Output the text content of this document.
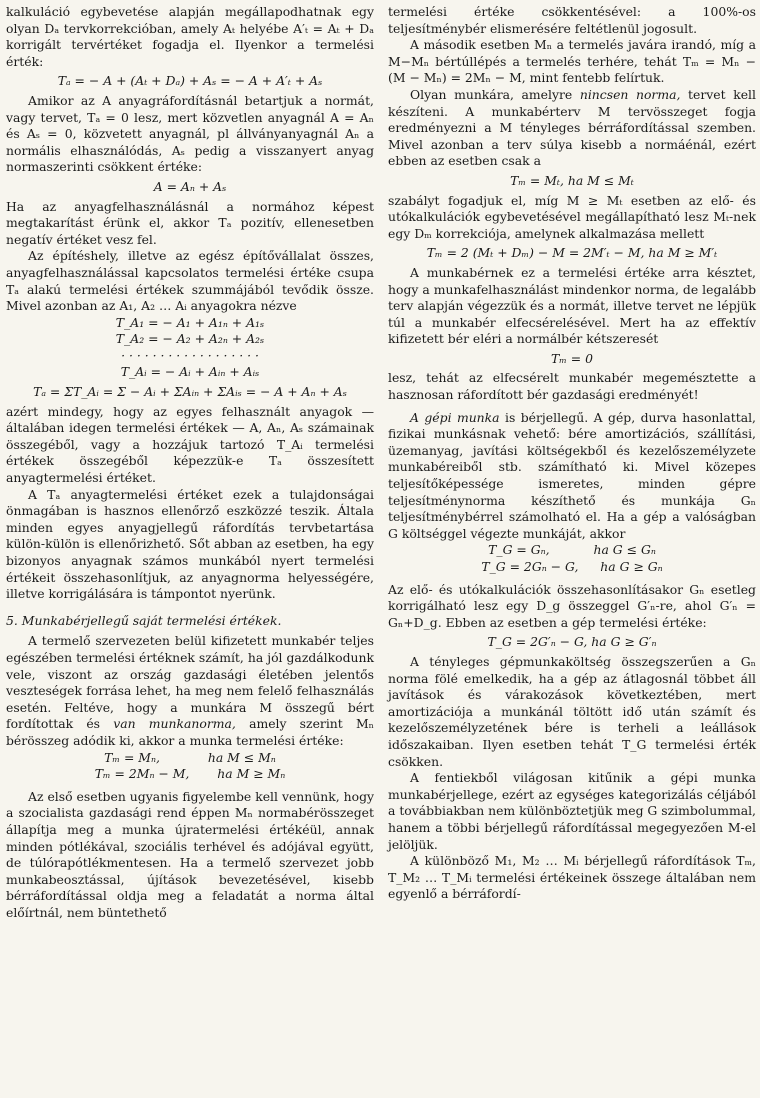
kalkuláció egybevetése alapján megállapodhatnak egy olyan Dₐ tervkorrekcióban, amely Aₜ helyébe A′ₜ = Aₜ + Dₐ korrigált tervértéket fogadja el. Ilyenkor a termelési érték:

Tₐ = − A + (Aₜ + Dₐ) + Aₛ = − A + A′ₜ + Aₛ

Amikor az A anyagráfordításnál betartjuk a normát, vagy tervet, Tₐ = 0 lesz, mert közvetlen anyagnál A = Aₙ és Aₛ = 0, közvetett anyagnál, pl állványanyagnál Aₙ a normális elhasználódás, Aₛ pedig a visszanyert anyag normaszerinti csökkent értéke:

A = Aₙ + Aₛ

Ha az anyagfelhasználásnál a normához képest megtakarítást érünk el, akkor Tₐ pozitív, ellenesetben negatív értéket vesz fel.

Az építéshely, illetve az egész építővállalat összes, anyagfelhasználással kapcsolatos termelési értéke csupa Tₐ alakú termelési értékek szummájából tevődik össze. Mivel azonban az A₁, A₂ … Aᵢ anyagokra nézve

T_A₁ = − A₁ + A₁ₙ + A₁ₛ
T_A₂ = − A₂ + A₂ₙ + A₂ₛ
· · · · · · · · · · · · · · · · · ·
T_Aᵢ = − Aᵢ + Aᵢₙ + Aᵢₛ
Tₐ = ΣT_Aᵢ = Σ − Aᵢ + ΣAᵢₙ + ΣAᵢₛ = − A + Aₙ + Aₛ

azért mindegy, hogy az egyes felhasznált anyagok — általában idegen termelési értékek — A, Aₙ, Aₛ számainak összegéből, vagy a hozzájuk tartozó T_Aᵢ termelési értékek összegéből képezzük-e Tₐ összesített anyagtermelési értéket.

A Tₐ anyagtermelési értéket ezek a tulajdonságai önmagában is hasznos ellenőrző eszközzé teszik. Általa minden egyes anyagjellegű ráfordítás tervbetartása külön-külön is ellenőrizhető. Sőt abban az esetben, ha egy bizonyos anyagnak számos munkából nyert termelési értékeit összehasonlítjuk, az anyagnorma helyességére, illetve korrigálására is támpontot nyerünk.

5. Munkabérjellegű saját termelési értékek.

A termelő szervezeten belül kifizetett munkabér teljes egészében termelési értéknek számít, ha jól gazdálkodunk vele, viszont az ország gazdasági életében jelentős veszteségek forrása lehet, ha meg nem felelő felhasználás esetén. Feltéve, hogy a munkára M összegű bért fordítottak és van munkanorma, amely szerint Mₙ bérösszeg adódik ki, akkor a munka termelési értéke:

Tₘ = Mₙ,	ha M ≤ Mₙ
Tₘ = 2Mₙ − M, ha M ≥ Mₙ

Az első esetben ugyanis figyelembe kell vennünk, hogy a szocialista gazdasági rend éppen Mₙ normabérösszeget állapítja meg a munka újratermelési értékéül, annak minden pótlékával, szociális terhével és adójával együtt, de túlórapótlékmentesen. Ha a termelő szervezet jobb munkabeosztással, újítások bevezetésével, kisebb bérráfordítással oldja meg a feladatát a norma által előírtnál, nem büntethető

termelési értéke csökkentésével: a 100%-os teljesítménybér elismerésére feltétlenül jogosult.

A második esetben Mₙ a termelés javára irandó, míg a M−Mₙ bértúllépés a termelés terhére, tehát Tₘ = Mₙ − (M − Mₙ) = 2Mₙ − M, mint fentebb felírtuk.

Olyan munkára, amelyre nincsen norma, tervet kell készíteni. A munkabérterv M tervösszeget fogja eredményezni a M tényleges bérráfordítással szemben. Mivel azonban a terv súlya kisebb a normáénál, ezért ebben az esetben csak a

Tₘ = Mₜ, ha M ≤ Mₜ

szabályt fogadjuk el, míg M ≥ Mₜ esetben az elő- és utókalkulációk egybevetésével megállapítható lesz Mₜ-nek egy Dₘ korrekciója, amelynek alkalmazása mellett

Tₘ = 2 (Mₜ + Dₘ) − M = 2M′ₜ − M, ha M ≥ M′ₜ

A munkabérnek ez a termelési értéke arra késztet, hogy a munkafelhasználást mindenkor norma, de legalább terv alapján végezzük és a normát, illetve tervet ne lépjük túl a munkabér elfecsérelésével. Mert ha az effektív kifizetett bér eléri a normálbér kétszeresét

Tₘ = 0

lesz, tehát az elfecsérelt munkabér megemésztette a hasznosan ráfordított bér gazdasági eredményét!

A gépi munka is bérjellegű. A gép, durva hasonlattal, fizikai munkásnak vehető: bére amortizációs, szállítási, üzemanyag, javítási költségekből és kezelőszemélyzete munkabéreiből stb. számítható ki. Mivel közepes teljesítőképessége ismeretes, minden gépre teljesítménynorma készíthető és munkája Gₙ teljesítménybérrel számolható el. Ha a gép a valóságban G költséggel végezte munkáját, akkor

T_G = Gₙ,	ha G ≤ Gₙ
T_G = 2Gₙ − G, ha G ≥ Gₙ

Az elő- és utókalkulációk összehasonlításakor Gₙ esetleg korrigálható lesz egy D_g összeggel G′ₙ-re, ahol G′ₙ = Gₙ+D_g. Ebben az esetben a gép termelési értéke:

T_G = 2G′ₙ − G, ha G ≥ G′ₙ

A tényleges gépmunkaköltség összegszerűen a Gₙ norma fölé emelkedik, ha a gép az átlagosnál többet áll javítások és várakozások következtében, mert amortizációja a munkánál töltött idő után számít és kezelőszemélyzetének bére is terheli a leállások időszakaiban. Ilyen esetben tehát T_G termelési érték csökken.

A fentiekből világosan kitűnik a gépi munka munkabérjellege, ezért az egységes kategorizálás céljából a továbbiakban nem különböztetjük meg G szimbolummal, hanem a többi bérjellegű ráfordítással megegyezően M-el jelöljük.

A különböző M₁, M₂ … Mᵢ bérjellegű ráfordítások Tₘ, T_M₂ … T_Mᵢ termelési értékeinek összege általában nem egyenlő a bérráfordí-
